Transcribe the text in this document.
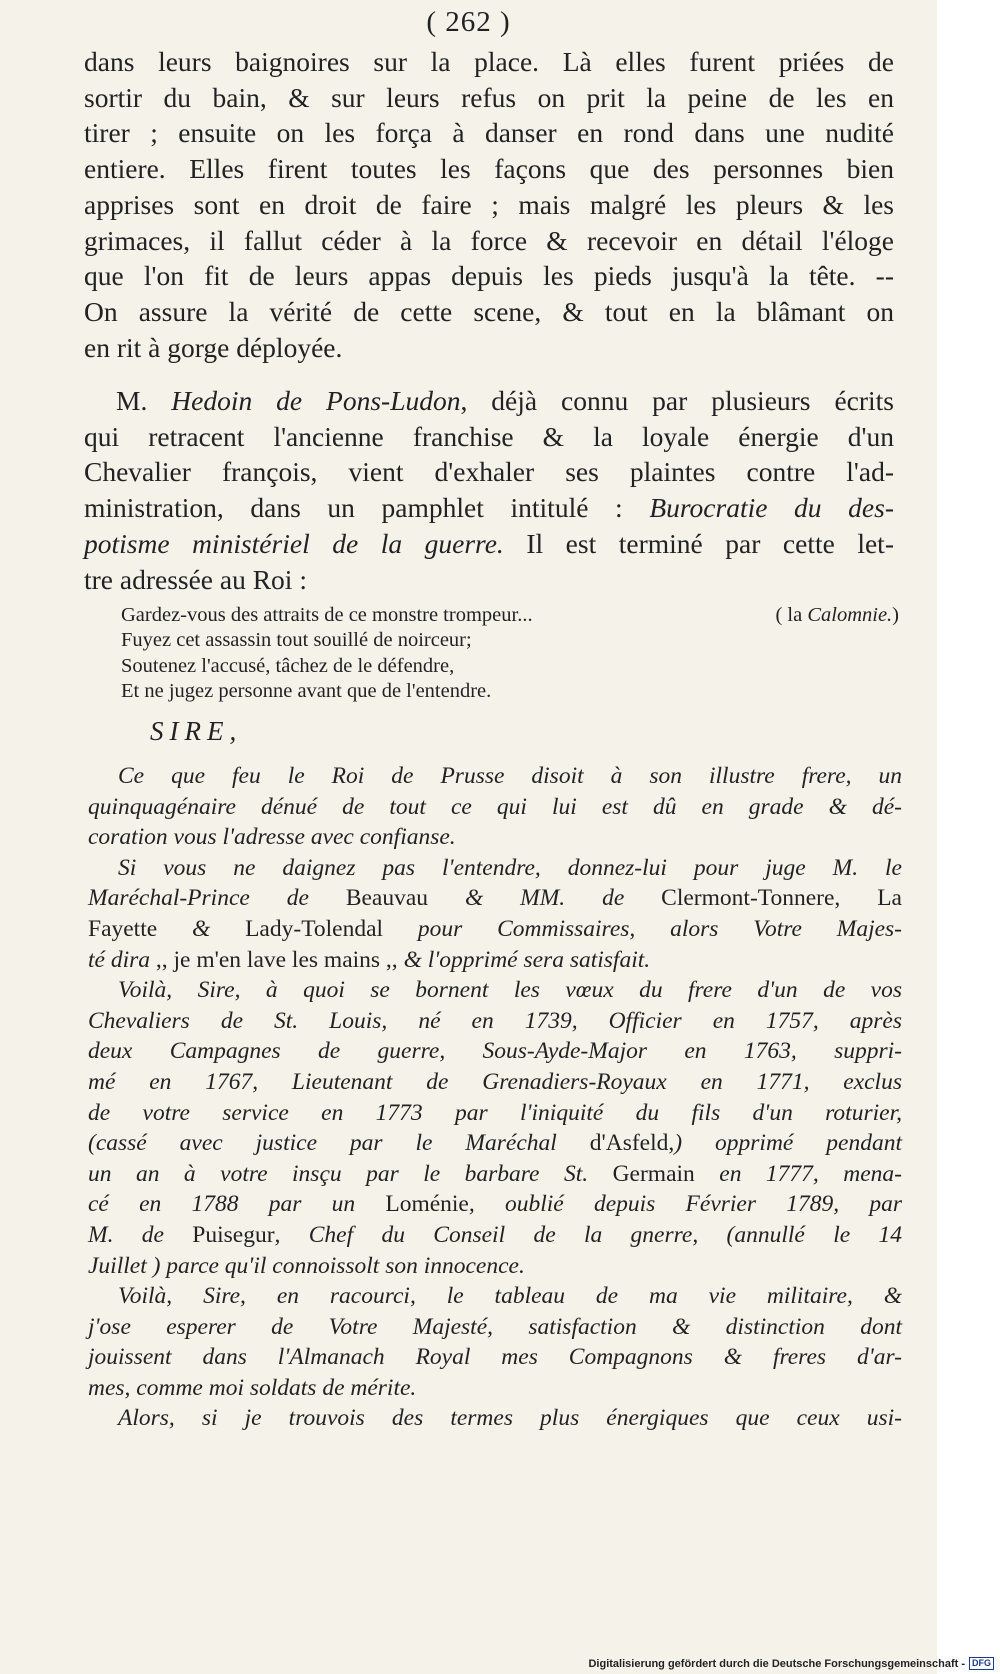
( 262 )
dans leurs baignoires sur la place. Là elles furent priées de
sortir du bain, & sur leurs refus on prit la peine de les en
tirer ; ensuite on les força à danser en rond dans une nudité
entiere. Elles firent toutes les façons que des personnes bien
apprises sont en droit de faire ; mais malgré les pleurs & les
grimaces, il fallut céder à la force & recevoir en détail l'éloge
que l'on fit de leurs appas depuis les pieds jusqu'à la tête. --
On assure la vérité de cette scene, & tout en la blâmant on
en rit à gorge déployée.
M. Hedoin de Pons-Ludon, déjà connu par plusieurs écrits
qui retracent l'ancienne franchise & la loyale énergie d'un
Chevalier françois, vient d'exhaler ses plaintes contre l'ad-
ministration, dans un pamphlet intitulé : Burocratie du des-
potisme ministériel de la guerre. Il est terminé par cette let-
tre adressée au Roi :
( la Calomnie.)
Gardez-vous des attraits de ce monstre trompeur...
Fuyez cet assassin tout souillé de noirceur;
Soutenez l'accusé, tâchez de le défendre,
Et ne jugez personne avant que de l'entendre.
SIRE,
Ce que feu le Roi de Prusse disoit à son illustre frere, un
quinquagénaire dénué de tout ce qui lui est dû en grade & dé-
coration vous l'adresse avec confianse.
Si vous ne daignez pas l'entendre, donnez-lui pour juge M. le
Maréchal-Prince de Beauvau & MM. de Clermont-Tonnere, La
Fayette & Lady-Tolendal pour Commissaires, alors Votre Majes-
té dira ,, je m'en lave les mains ,, & l'opprimé sera satisfait.
Voilà, Sire, à quoi se bornent les vœux du frere d'un de vos
Chevaliers de St. Louis, né en 1739, Officier en 1757, après
deux Campagnes de guerre, Sous-Ayde-Major en 1763, suppri-
mé en 1767, Lieutenant de Grenadiers-Royaux en 1771, exclus
de votre service en 1773 par l'iniquité du fils d'un roturier,
(cassé avec justice par le Maréchal d'Asfeld,) opprimé pendant
un an à votre insçu par le barbare St. Germain en 1777, mena-
cé en 1788 par un Loménie, oublié depuis Février 1789, par
M. de Puisegur, Chef du Conseil de la gnerre, (annullé le 14
Juillet ) parce qu'il connoissolt son innocence.
Voilà, Sire, en racourci, le tableau de ma vie militaire, &
j'ose esperer de Votre Majesté, satisfaction & distinction dont
jouissent dans l'Almanach Royal mes Compagnons & freres d'ar-
mes, comme moi soldats de mérite.
Alors, si je trouvois des termes plus énergiques que ceux usi-
Digitalisierung gefördert durch die Deutsche Forschungsgemeinschaft - DFG
